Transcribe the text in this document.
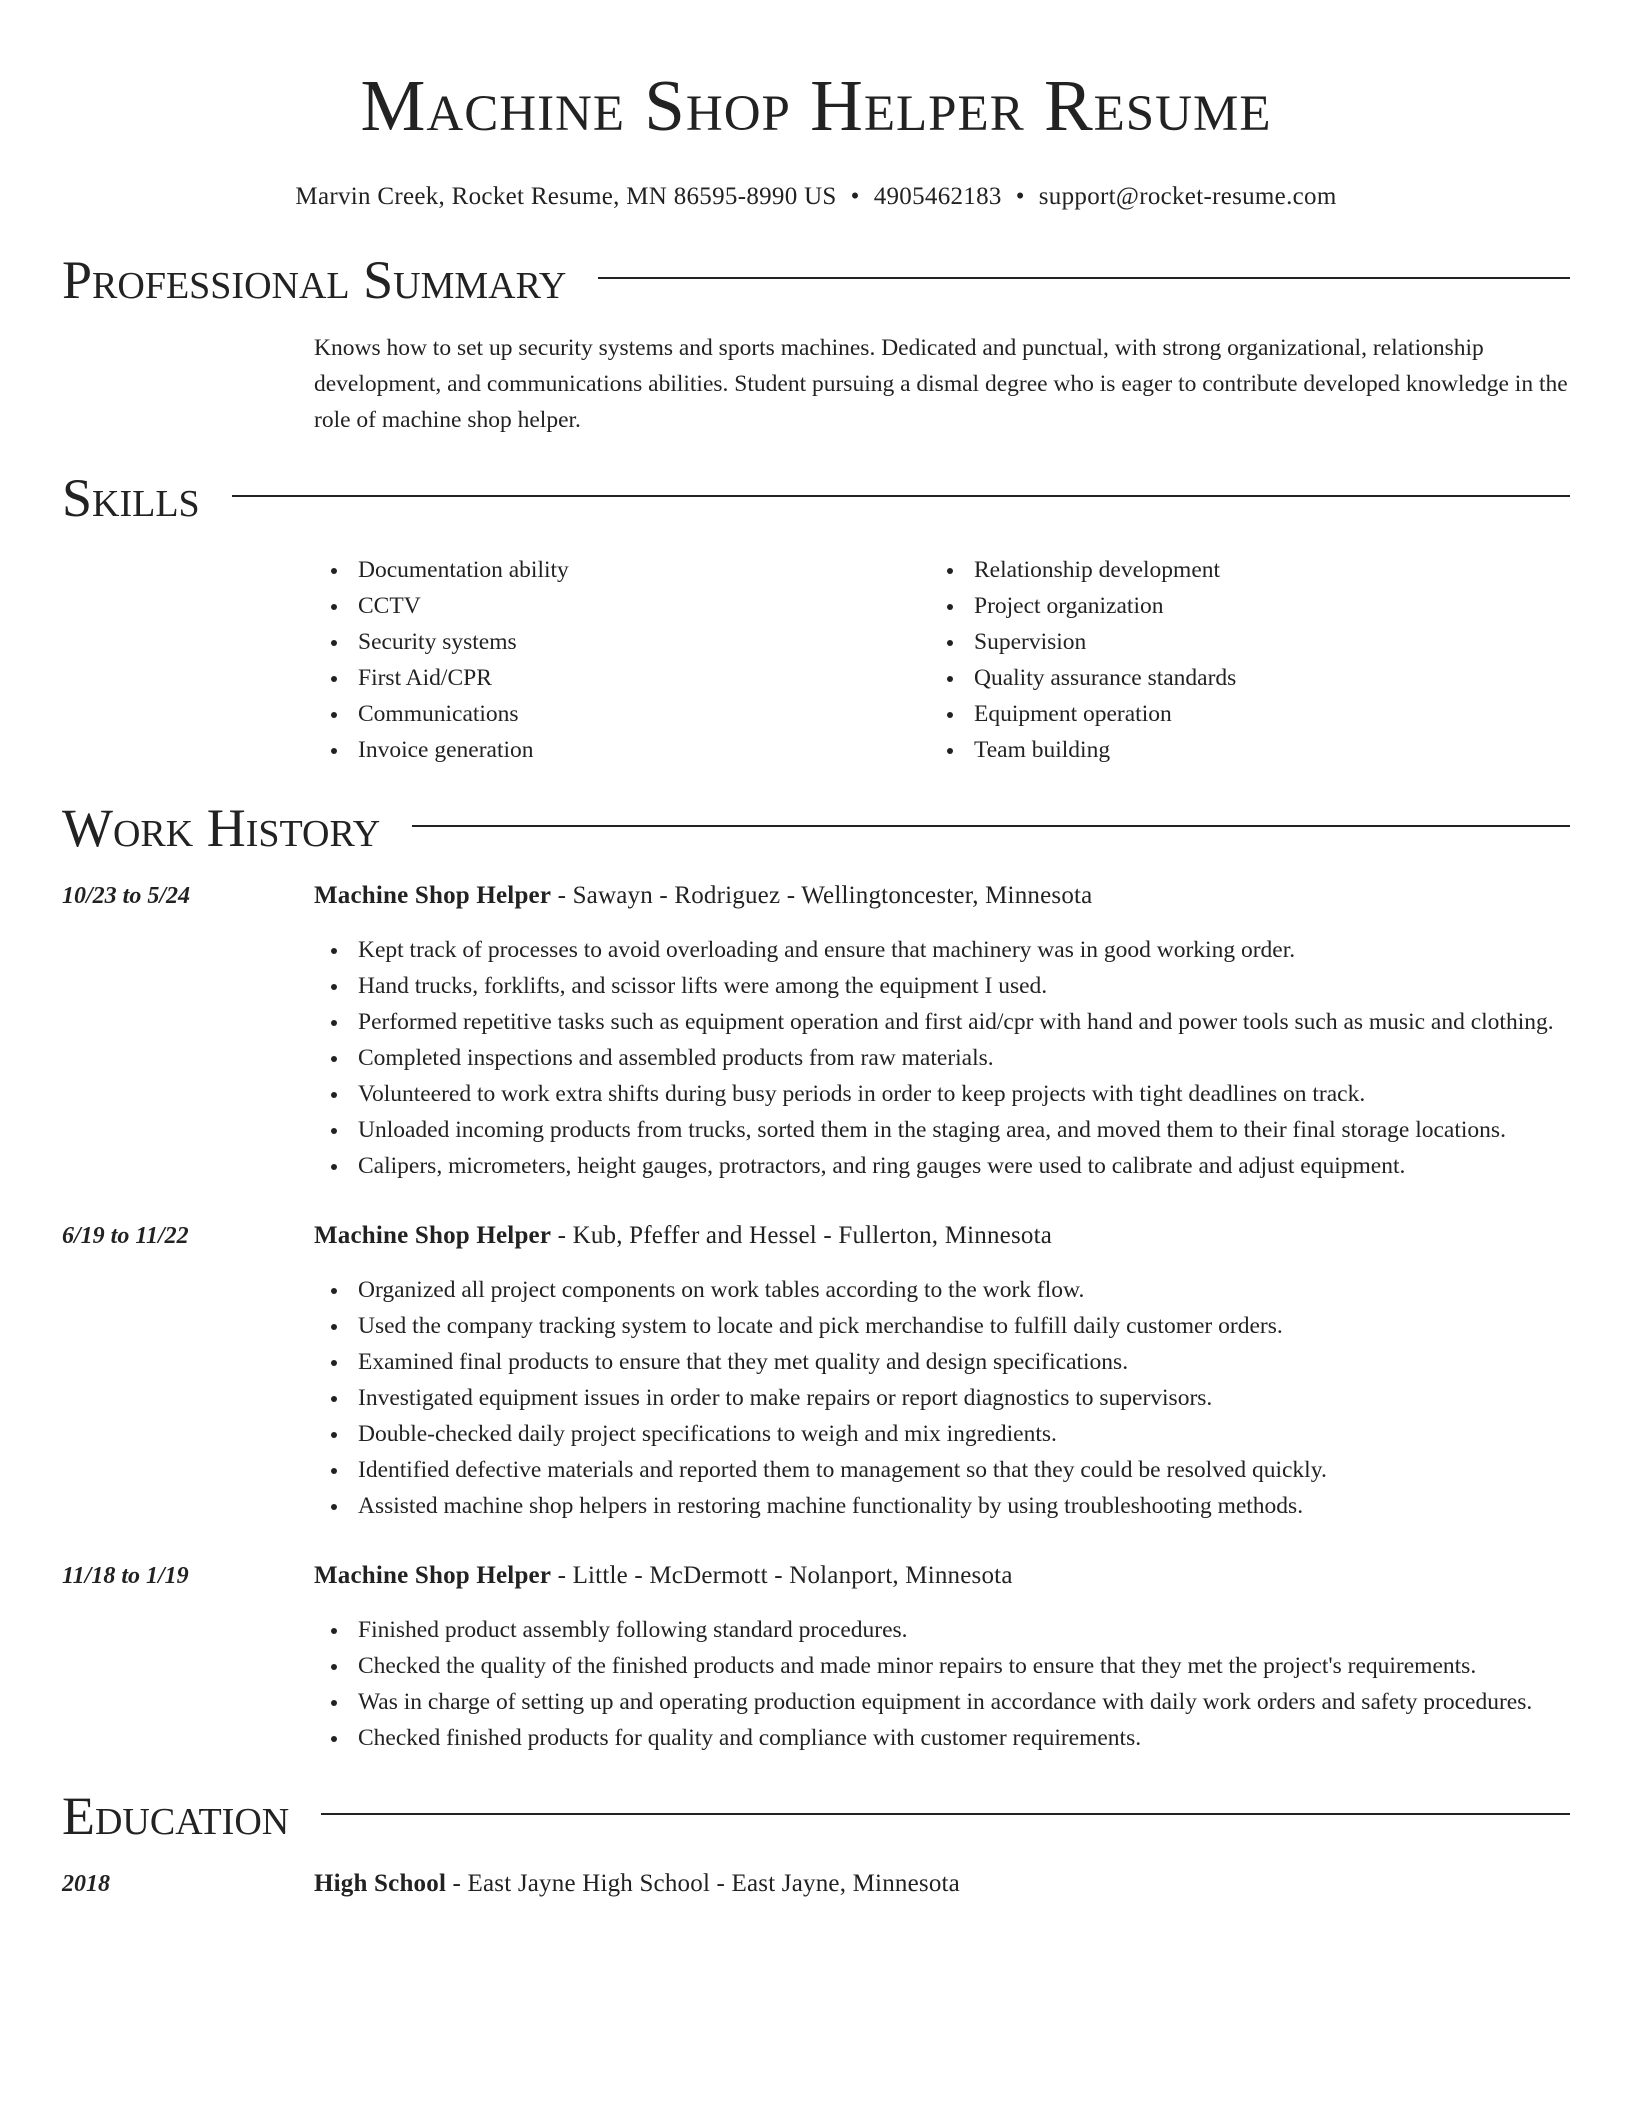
Machine Shop Helper Resume
Marvin Creek, Rocket Resume, MN 86595-8990 US • 4905462183 • support@rocket-resume.com
Professional Summary
Knows how to set up security systems and sports machines. Dedicated and punctual, with strong organizational, relationship development, and communications abilities. Student pursuing a dismal degree who is eager to contribute developed knowledge in the role of machine shop helper.
Skills
Documentation ability
CCTV
Security systems
First Aid/CPR
Communications
Invoice generation
Relationship development
Project organization
Supervision
Quality assurance standards
Equipment operation
Team building
Work History
10/23 to 5/24	Machine Shop Helper - Sawayn - Rodriguez - Wellingtoncester, Minnesota
Kept track of processes to avoid overloading and ensure that machinery was in good working order.
Hand trucks, forklifts, and scissor lifts were among the equipment I used.
Performed repetitive tasks such as equipment operation and first aid/cpr with hand and power tools such as music and clothing.
Completed inspections and assembled products from raw materials.
Volunteered to work extra shifts during busy periods in order to keep projects with tight deadlines on track.
Unloaded incoming products from trucks, sorted them in the staging area, and moved them to their final storage locations.
Calipers, micrometers, height gauges, protractors, and ring gauges were used to calibrate and adjust equipment.
6/19 to 11/22	Machine Shop Helper - Kub, Pfeffer and Hessel - Fullerton, Minnesota
Organized all project components on work tables according to the work flow.
Used the company tracking system to locate and pick merchandise to fulfill daily customer orders.
Examined final products to ensure that they met quality and design specifications.
Investigated equipment issues in order to make repairs or report diagnostics to supervisors.
Double-checked daily project specifications to weigh and mix ingredients.
Identified defective materials and reported them to management so that they could be resolved quickly.
Assisted machine shop helpers in restoring machine functionality by using troubleshooting methods.
11/18 to 1/19	Machine Shop Helper - Little - McDermott - Nolanport, Minnesota
Finished product assembly following standard procedures.
Checked the quality of the finished products and made minor repairs to ensure that they met the project's requirements.
Was in charge of setting up and operating production equipment in accordance with daily work orders and safety procedures.
Checked finished products for quality and compliance with customer requirements.
Education
2018	High School - East Jayne High School - East Jayne, Minnesota
